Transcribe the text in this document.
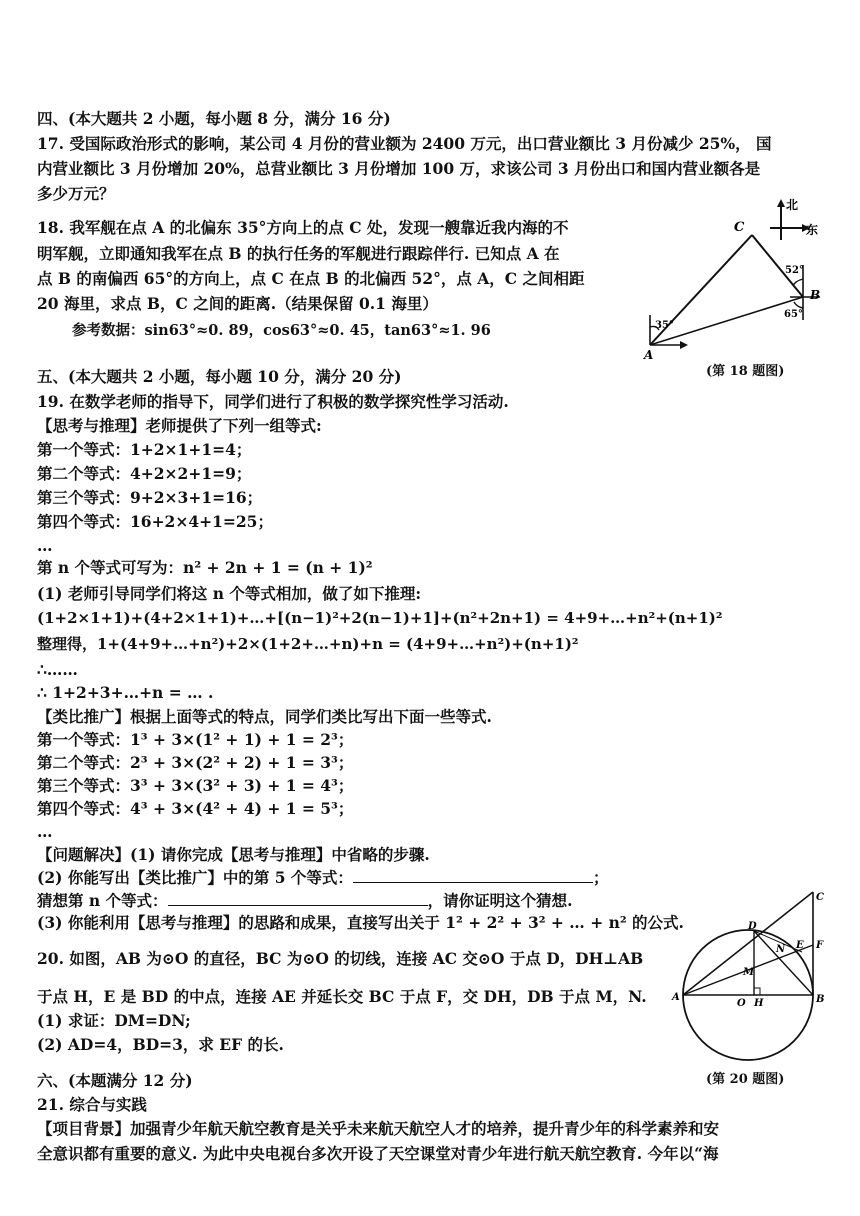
四、(本大题共 2 小题，每小题 8 分，满分 16 分)
17. 受国际政治形式的影响，某公司 4 月份的营业额为 2400 万元，出口营业额比 3 月份减少 25%， 国
内营业额比 3 月份增加 20%，总营业额比 3 月份增加 100 万，求该公司 3 月份出口和国内营业额各是
多少万元？
18. 我军舰在点 A 的北偏东 35°方向上的点 C 处，发现一艘靠近我内海的不
明军舰，立即通知我军在点 B 的执行任务的军舰进行跟踪伴行. 已知点 A 在
点 B 的南偏西 65°的方向上，点 C 在点 B 的北偏西 52°，点 A，C 之间相距
20 海里，求点 B，C 之间的距离.（结果保留 0.1 海里）
参考数据：sin63°≈0. 89，cos63°≈0. 45，tan63°≈1. 96
北
东
A
B
C
35°
52°
65°
(第 18 题图)
五、(本大题共 2 小题，每小题 10 分，满分 20 分)
19. 在数学老师的指导下，同学们进行了积极的数学探究性学习活动.
【思考与推理】老师提供了下列一组等式:
第一个等式：1+2×1+1=4；
第二个等式：4+2×2+1=9；
第三个等式：9+2×3+1=16；
第四个等式：16+2×4+1=25；
…
第 n 个等式可写为：n² + 2n + 1 = (n + 1)²
(1) 老师引导同学们将这 n 个等式相加，做了如下推理:
(1+2×1+1)+(4+2×1+1)+…+[(n−1)²+2(n−1)+1]+(n²+2n+1) = 4+9+…+n²+(n+1)²
整理得，1+(4+9+…+n²)+2×(1+2+…+n)+n = (4+9+…+n²)+(n+1)²
∴……
∴ 1+2+3+…+n = … .
【类比推广】根据上面等式的特点，同学们类比写出下面一些等式.
第一个等式：1³ + 3×(1² + 1) + 1 = 2³；
第二个等式：2³ + 3×(2² + 2) + 1 = 3³；
第三个等式：3³ + 3×(3² + 3) + 1 = 4³；
第四个等式：4³ + 3×(4² + 4) + 1 = 5³；
…
【问题解决】(1) 请你完成【思考与推理】中省略的步骤.
(2) 你能写出【类比推广】中的第 5 个等式：	；
猜想第 n 个等式：	，请你证明这个猜想.
(3) 你能利用【思考与推理】的思路和成果，直接写出关于 1² + 2² + 3² + … + n² 的公式.
20. 如图，AB 为⊙O 的直径，BC 为⊙O 的切线，连接 AC 交⊙O 于点 D，DH⊥AB
于点 H，E 是 BD 的中点，连接 AE 并延长交 BC 于点 F，交 DH，DB 于点 M，N.
(1) 求证：DM=DN;
(2) AD=4，BD=3，求 EF 的长.
A	B
C
D
E F
H
M
N
O
(第 20 题图)
六、(本题满分 12 分)
21. 综合与实践
【项目背景】加强青少年航天航空教育是关乎未来航天航空人才的培养，提升青少年的科学素养和安
全意识都有重要的意义. 为此中央电视台多次开设了天空课堂对青少年进行航天航空教育. 今年以“海
